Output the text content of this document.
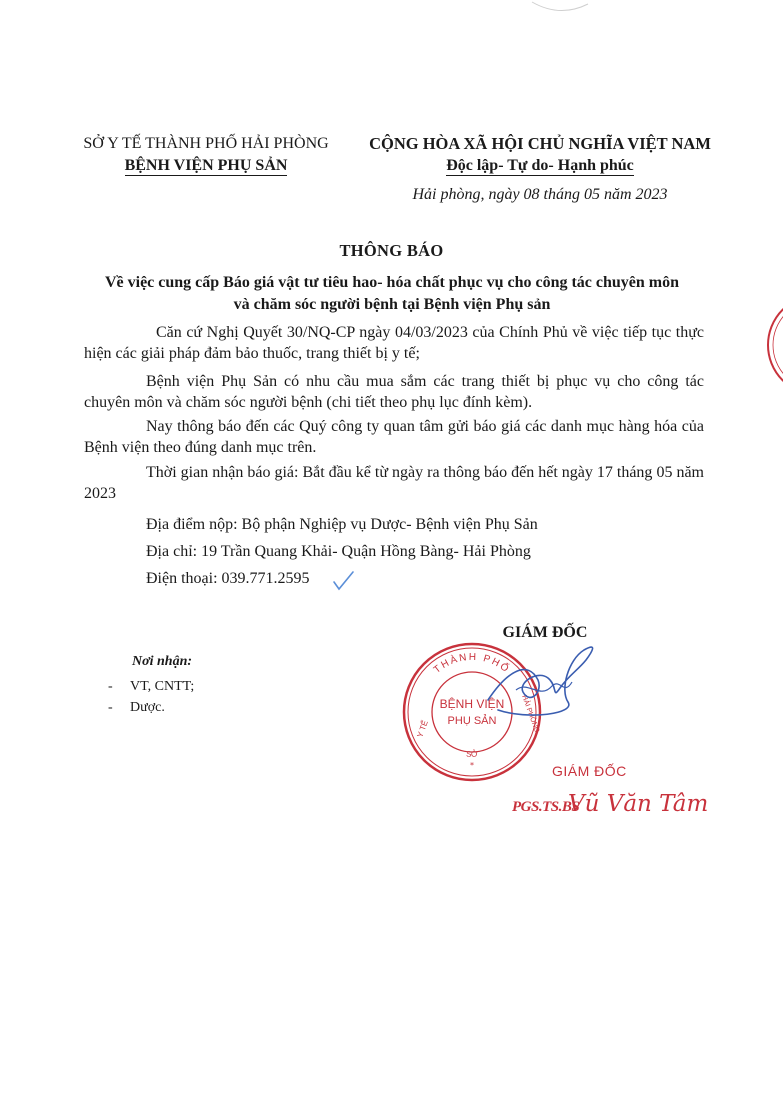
SỞ Y TẾ THÀNH PHỐ HẢI PHÒNG
BỆNH VIỆN PHỤ SẢN
CỘNG HÒA XÃ HỘI CHỦ NGHĨA VIỆT NAM
Độc lập- Tự do- Hạnh phúc
Hải phòng, ngày 08 tháng 05 năm 2023
THÔNG BÁO
Về việc cung cấp Báo giá vật tư tiêu hao- hóa chất phục vụ cho công tác chuyên môn
và chăm sóc người bệnh tại Bệnh viện Phụ sản
Căn cứ Nghị Quyết 30/NQ-CP ngày 04/03/2023 của Chính Phủ về việc tiếp tục thực hiện các giải pháp đảm bảo thuốc, trang thiết bị y tế;
Bệnh viện Phụ Sản có nhu cầu mua sắm các trang thiết bị phục vụ cho công tác chuyên môn và chăm sóc người bệnh (chi tiết theo phụ lục đính kèm).
Nay thông báo đến các Quý công ty quan tâm gửi báo giá các danh mục hàng hóa của Bệnh viện theo đúng danh mục trên.
Thời gian nhận báo giá: Bắt đầu kể từ ngày ra thông báo đến hết ngày 17 tháng 05 năm 2023
Địa điểm nộp: Bộ phận Nghiệp vụ Dược- Bệnh viện Phụ Sản
Địa chỉ: 19 Trần Quang Khải- Quận Hồng Bàng- Hải Phòng
Điện thoại: 039.771.2595
GIÁM ĐỐC
Nơi nhận:
- VT, CNTT;
- Dược.
THÀNH PHỐ
SỞ
Y TẾ	HẢI PHÒNG
BỆNH VIỆN
PHỤ SẢN
*	GIÁM ĐỐC
PGS.TS.BS
Vũ Văn Tâm
